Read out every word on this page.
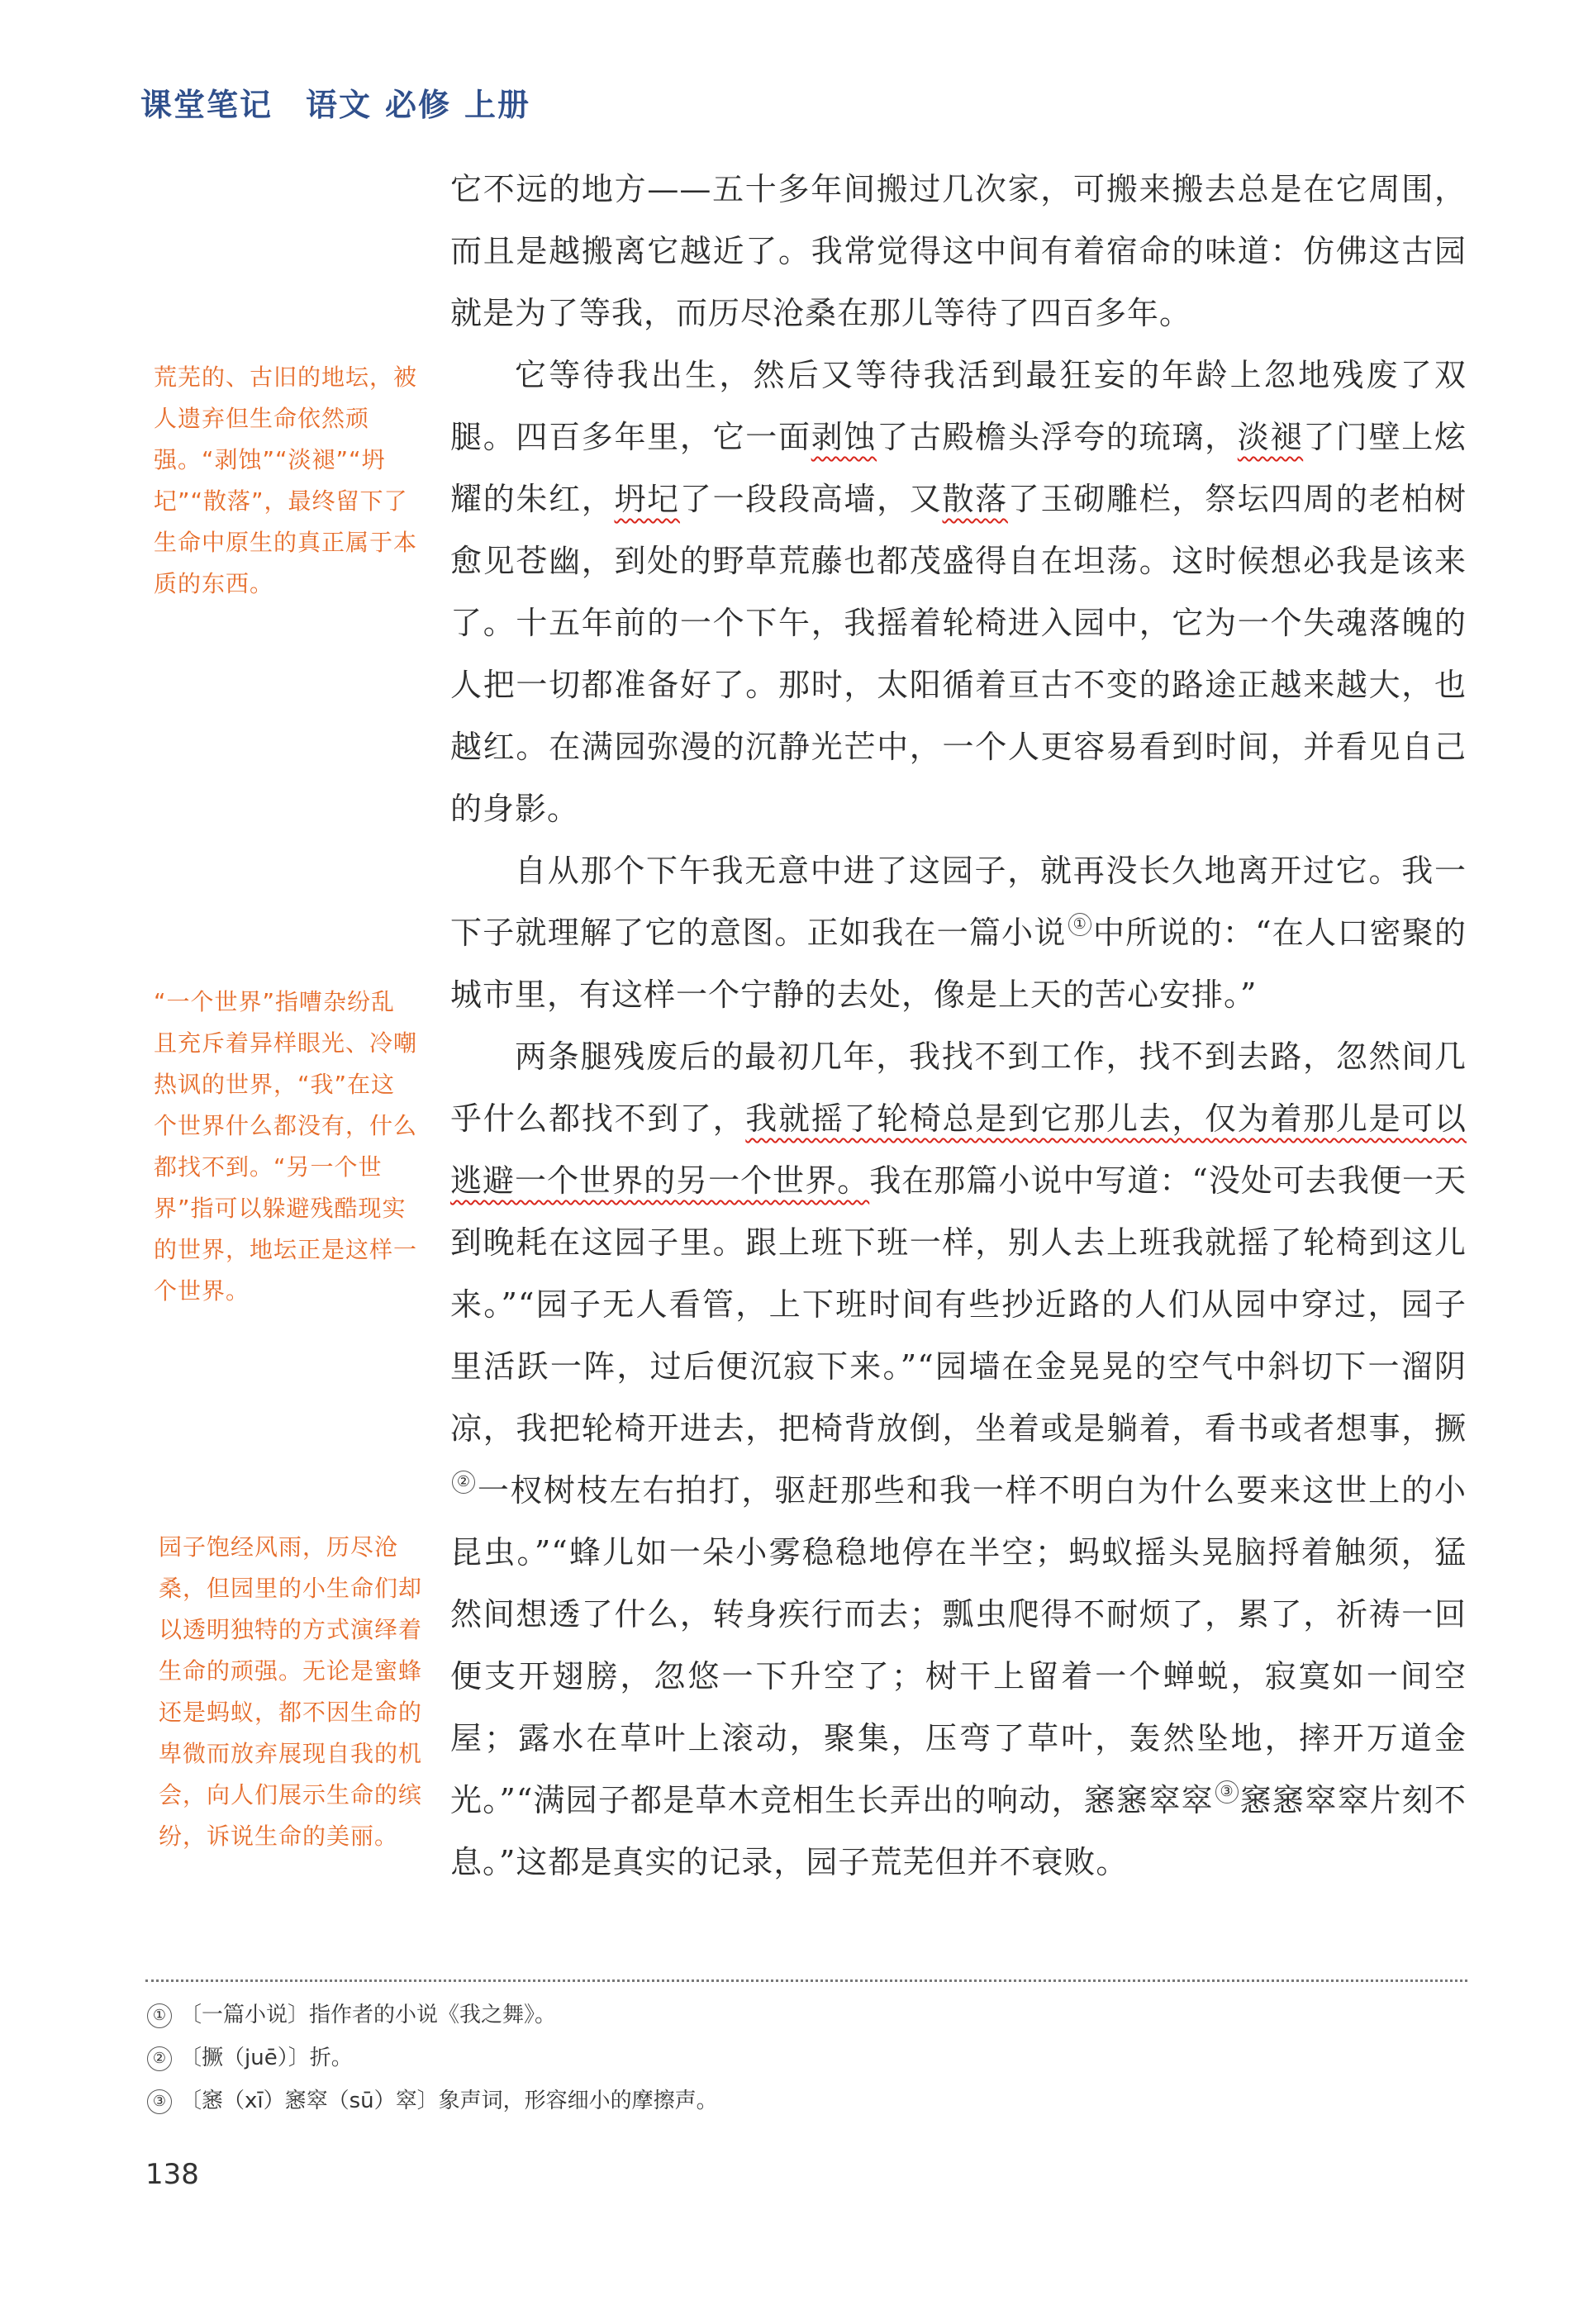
课堂笔记 语文 必修 上册
荒芜的、古旧的地坛，被人遗弃但生命依然顽强。“剥蚀”“淡褪”“坍圮”“散落”，最终留下了生命中原生的真正属于本质的东西。
“一个世界”指嘈杂纷乱且充斥着异样眼光、冷嘲热讽的世界，“我”在这个世界什么都没有，什么都找不到。“另一个世界”指可以躲避残酷现实的世界，地坛正是这样一个世界。
园子饱经风雨，历尽沧桑，但园里的小生命们却以透明独特的方式演绎着生命的顽强。无论是蜜蜂还是蚂蚁，都不因生命的卑微而放弃展现自我的机会，向人们展示生命的缤纷，诉说生命的美丽。

它不远的地方——五十多年间搬过几次家，可搬来搬去总是在它周围，而且是越搬离它越近了。我常觉得这中间有着宿命的味道：仿佛这古园就是为了等我，而历尽沧桑在那儿等待了四百多年。

它等待我出生，然后又等待我活到最狂妄的年龄上忽地残废了双腿。四百多年里，它一面剥蚀了古殿檐头浮夸的琉璃，淡褪了门壁上炫耀的朱红，坍圮了一段段高墙，又散落了玉砌雕栏，祭坛四周的老柏树愈见苍幽，到处的野草荒藤也都茂盛得自在坦荡。这时候想必我是该来了。十五年前的一个下午，我摇着轮椅进入园中，它为一个失魂落魄的人把一切都准备好了。那时，太阳循着亘古不变的路途正越来越大，也越红。在满园弥漫的沉静光芒中，一个人更容易看到时间，并看见自己的身影。

自从那个下午我无意中进了这园子，就再没长久地离开过它。我一下子就理解了它的意图。正如我在一篇小说 ① 中所说的：“在人口密聚的城市里，有这样一个宁静的去处，像是上天的苦心安排。”

两条腿残废后的最初几年，我找不到工作，找不到去路，忽然间几乎什么都找不到了，我就摇了轮椅总是到它那儿去，仅为着那儿是可以逃避一个世界的另一个世界。我在那篇小说中写道：“没处可去我便一天到晚耗在这园子里。跟上班下班一样，别人去上班我就摇了轮椅到这儿来。”“园子无人看管，上下班时间有些抄近路的人们从园中穿过，园子里活跃一阵，过后便沉寂下来。”“园墙在金晃晃的空气中斜切下一溜阴凉，我把轮椅开进去，把椅背放倒，坐着或是躺着，看书或者想事，撅② 一杈树枝左右拍打，驱赶那些和我一样不明白为什么要来这世上的小昆虫。”“蜂儿如一朵小雾稳稳地停在半空；蚂蚁摇头晃脑捋着触须，猛然间想透了什么，转身疾行而去；瓢虫爬得不耐烦了，累了，祈祷一回便支开翅膀，忽悠一下升空了；树干上留着一个蝉蜕，寂寞如一间空屋；露水在草叶上滚动，聚集，压弯了草叶，轰然坠地，摔开万道金光。”“满园子都是草木竞相生长弄出的响动，窸窸窣窣 ③ 窸窸窣窣片刻不息。”这都是真实的记录，园子荒芜但并不衰败。

① 〔一篇小说〕指作者的小说《我之舞》。
② 〔撅（juē）〕折。
③ 〔窸（xī）窸窣（sū）窣〕象声词，形容细小的摩擦声。
138
